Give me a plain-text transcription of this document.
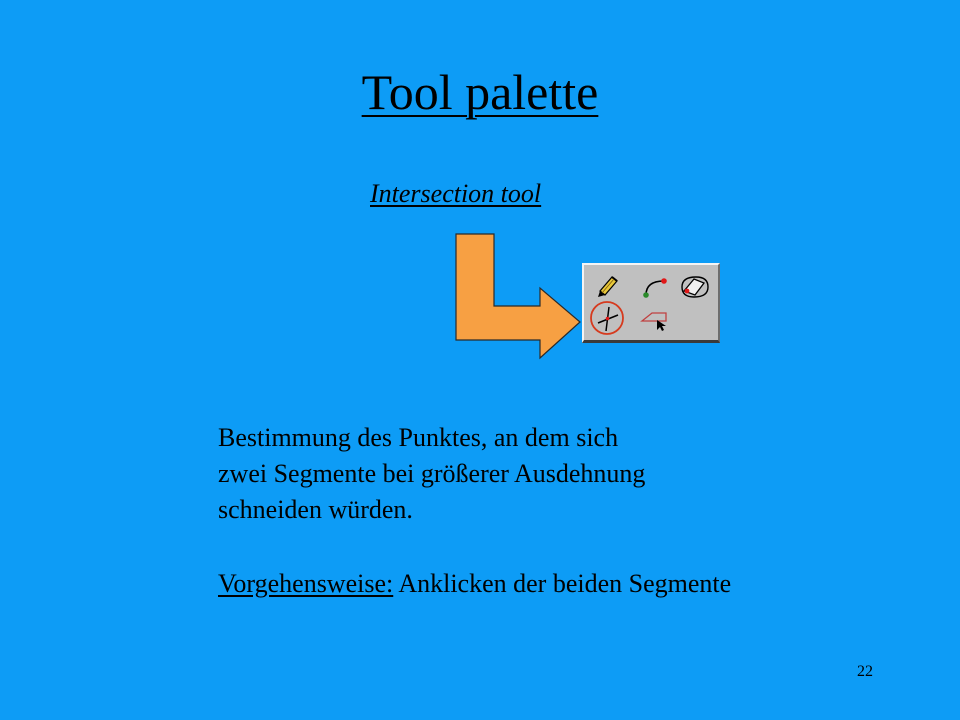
Tool palette
Intersection tool
Bestimmung des Punktes, an dem sich
zwei Segmente bei größerer Ausdehnung
schneiden würden.
Vorgehensweise: Anklicken der beiden Segmente
22
